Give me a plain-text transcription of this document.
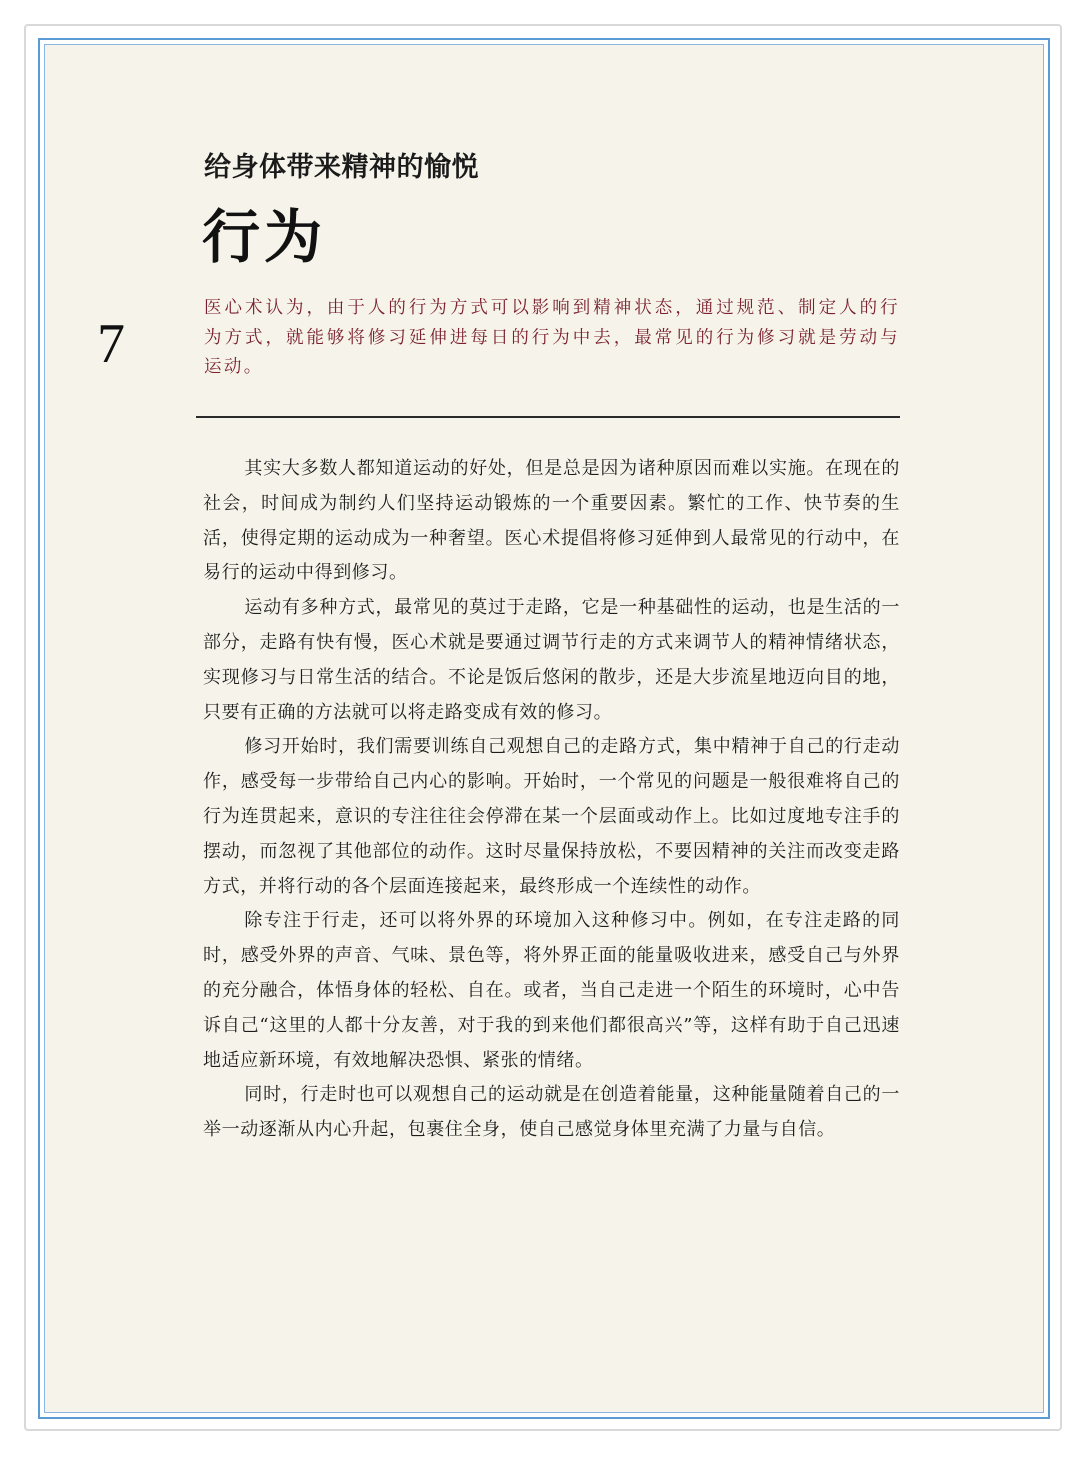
给身体带来精神的愉悦
行为
7
医心术认为，由于人的行为方式可以影响到精神状态，通过规范、制定人的行为方式，就能够将修习延伸进每日的行为中去，最常见的行为修习就是劳动与运动。

其实大多数人都知道运动的好处，但是总是因为诸种原因而难以实施。在现在的社会，时间成为制约人们坚持运动锻炼的一个重要因素。繁忙的工作、快节奏的生活，使得定期的运动成为一种奢望。医心术提倡将修习延伸到人最常见的行动中，在易行的运动中得到修习。

运动有多种方式，最常见的莫过于走路，它是一种基础性的运动，也是生活的一部分，走路有快有慢，医心术就是要通过调节行走的方式来调节人的精神情绪状态，实现修习与日常生活的结合。不论是饭后悠闲的散步，还是大步流星地迈向目的地，只要有正确的方法就可以将走路变成有效的修习。

修习开始时，我们需要训练自己观想自己的走路方式，集中精神于自己的行走动作，感受每一步带给自己内心的影响。开始时，一个常见的问题是一般很难将自己的行为连贯起来，意识的专注往往会停滞在某一个层面或动作上。比如过度地专注手的摆动，而忽视了其他部位的动作。这时尽量保持放松，不要因精神的关注而改变走路方式，并将行动的各个层面连接起来，最终形成一个连续性的动作。

除专注于行走，还可以将外界的环境加入这种修习中。例如，在专注走路的同时，感受外界的声音、气味、景色等，将外界正面的能量吸收进来，感受自己与外界的充分融合，体悟身体的轻松、自在。或者，当自己走进一个陌生的环境时，心中告诉自己“这里的人都十分友善，对于我的到来他们都很高兴”等，这样有助于自己迅速地适应新环境，有效地解决恐惧、紧张的情绪。

同时，行走时也可以观想自己的运动就是在创造着能量，这种能量随着自己的一举一动逐渐从内心升起，包裹住全身，使自己感觉身体里充满了力量与自信。
